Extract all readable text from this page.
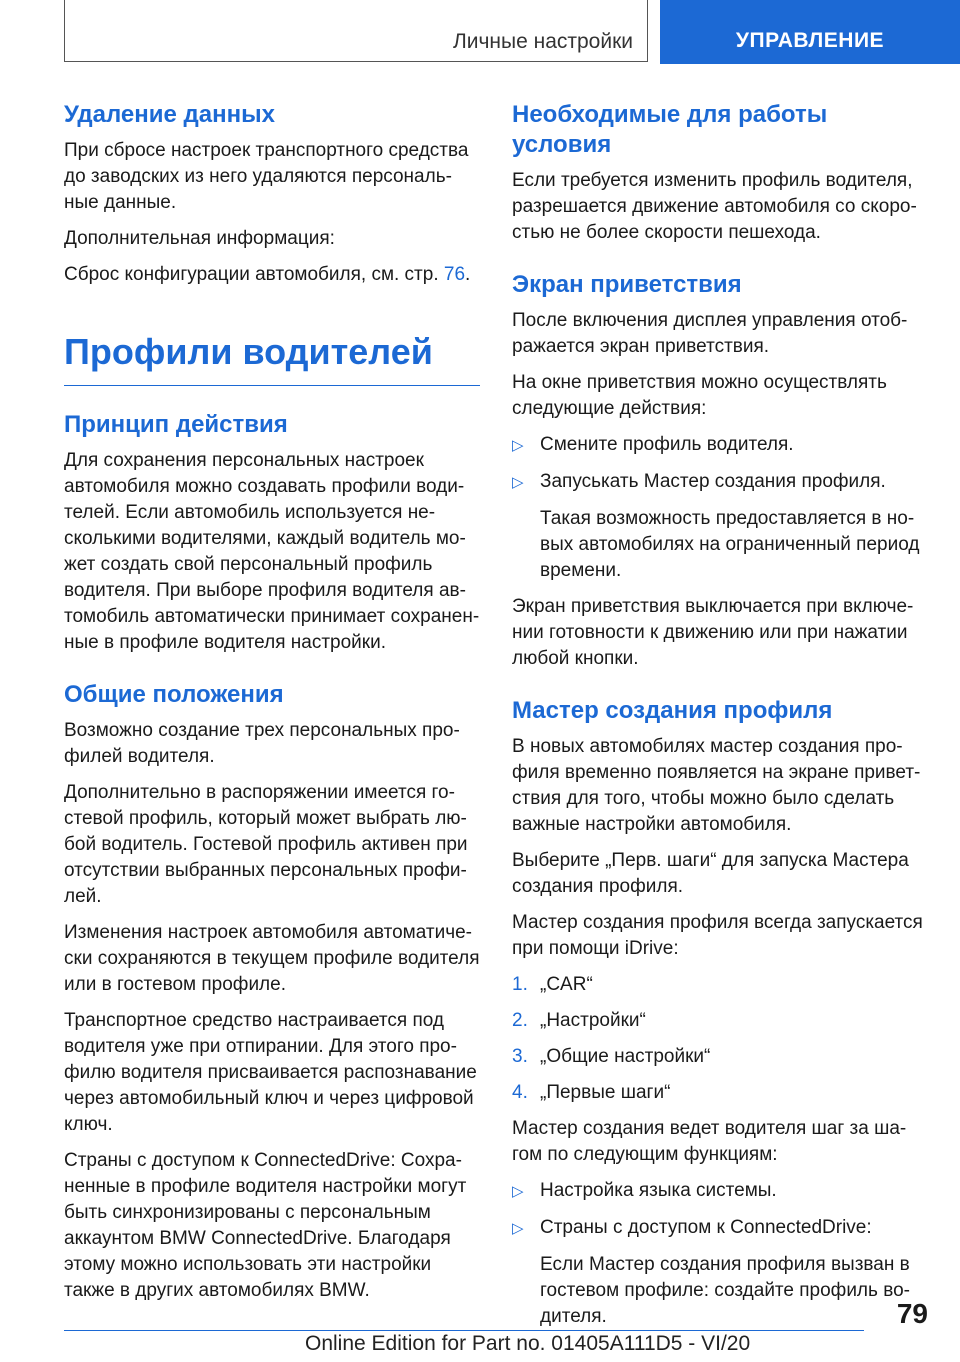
Личные настройки	УПРАВЛЕНИЕ
Удаление данных

При сбросе настроек транспортного средства до заводских из него удаляются персональ-ные данные.

Дополнительная информация:

Сброс конфигурации автомобиля, см. стр. 76.

Профили водителей
Принцип действия

Для сохранения персональных настроек автомобиля можно создавать профили води-телей. Если автомобиль используется не-сколькими водителями, каждый водитель мо-жет создать свой персональный профиль водителя. При выборе профиля водителя ав-томобиль автоматически принимает сохранен-ные в профиле водителя настройки.

Общие положения

Возможно создание трех персональных про-филей водителя.

Дополнительно в распоряжении имеется го-стевой профиль, который может выбрать лю-бой водитель. Гостевой профиль активен при отсутствии выбранных персональных профи-лей.

Изменения настроек автомобиля автоматиче-ски сохраняются в текущем профиле водителя или в гостевом профиле.

Транспортное средство настраивается под водителя уже при отпирании. Для этого про-филю водителя присваивается распознавание через автомобильный ключ и через цифровой ключ.

Страны с доступом к ConnectedDrive: Сохра-ненные в профиле водителя настройки могут быть синхронизированы с персональным аккаунтом BMW ConnectedDrive. Благодаря этому можно использовать эти настройки также в других автомобилях BMW.

Необходимые для работы условия

Если требуется изменить профиль водителя, разрешается движение автомобиля со скоро-стью не более скорости пешехода.

Экран приветствия

После включения дисплея управления отоб-ражается экран приветствия.

На окне приветствия можно осуществлять следующие действия:

▷ Смените профиль водителя.
▷ Запуськать Мастер создания профиля.

Такая возможность предоставляется в но-вых автомобилях на ограниченный период времени.

Экран приветствия выключается при включе-нии готовности к движению или при нажатии любой кнопки.

Мастер создания профиля

В новых автомобилях мастер создания про-филя временно появляется на экране привет-ствия для того, чтобы можно было сделать важные настройки автомобиля.

Выберите „Перв. шаги“ для запуска Мастера создания профиля.

Мастер создания профиля всегда запускается при помощи iDrive:

1. „CAR“
2. „Настройки“
3. „Общие настройки“
4. „Первые шаги“

Мастер создания ведет водителя шаг за ша-гом по следующим функциям:

▷ Настройка языка системы.
▷ Страны с доступом к ConnectedDrive:

Если Мастер создания профиля вызван в гостевом профиле: создайте профиль во-дителя.	79
Online Edition for Part no. 01405A111D5 - VI/20
